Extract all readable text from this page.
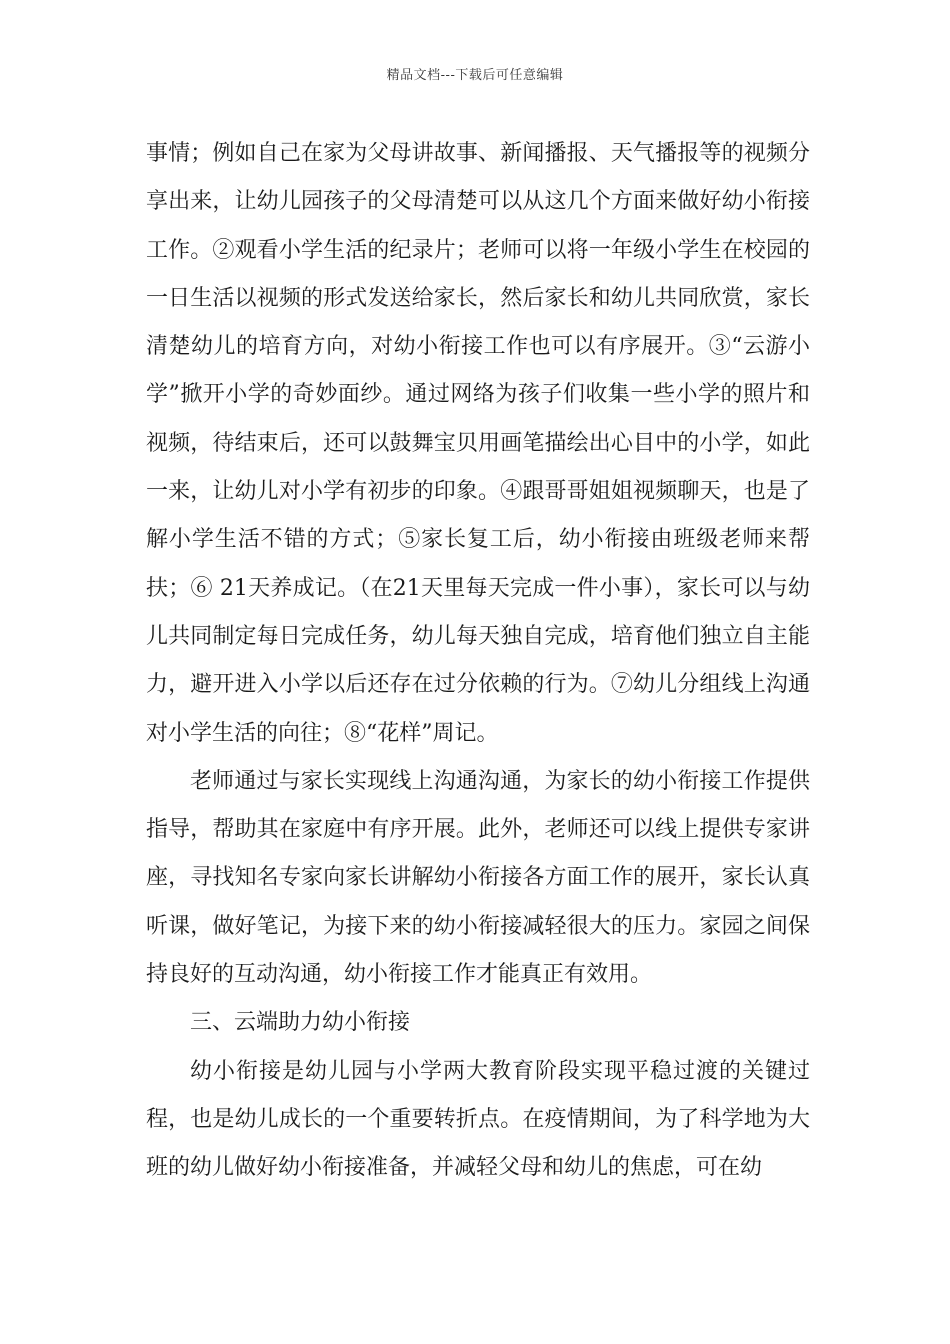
精品文档---下载后可任意编辑

事情；例如自己在家为父母讲故事、新闻播报、天气播报等的视频分享出来，让幼儿园孩子的父母清楚可以从这几个方面来做好幼小衔接工作。②观看小学生活的纪录片；老师可以将一年级小学生在校园的一日生活以视频的形式发送给家长，然后家长和幼儿共同欣赏，家长清楚幼儿的培育方向，对幼小衔接工作也可以有序展开。③“云游小学”掀开小学的奇妙面纱。通过网络为孩子们收集一些小学的照片和视频，待结束后，还可以鼓舞宝贝用画笔描绘出心目中的小学，如此一来，让幼儿对小学有初步的印象。④跟哥哥姐姐视频聊天，也是了解小学生活不错的方式；⑤家长复工后，幼小衔接由班级老师来帮扶；⑥ 21天养成记。（在21天里每天完成一件小事），家长可以与幼儿共同制定每日完成任务，幼儿每天独自完成，培育他们独立自主能力，避开进入小学以后还存在过分依赖的行为。⑦幼儿分组线上沟通对小学生活的向往；⑧“花样”周记。

老师通过与家长实现线上沟通沟通，为家长的幼小衔接工作提供指导，帮助其在家庭中有序开展。此外，老师还可以线上提供专家讲座，寻找知名专家向家长讲解幼小衔接各方面工作的展开，家长认真听课，做好笔记，为接下来的幼小衔接减轻很大的压力。家园之间保持良好的互动沟通，幼小衔接工作才能真正有效用。

三、云端助力幼小衔接

幼小衔接是幼儿园与小学两大教育阶段实现平稳过渡的关键过程，也是幼儿成长的一个重要转折点。在疫情期间，为了科学地为大班的幼儿做好幼小衔接准备，并减轻父母和幼儿的焦虑，可在幼
